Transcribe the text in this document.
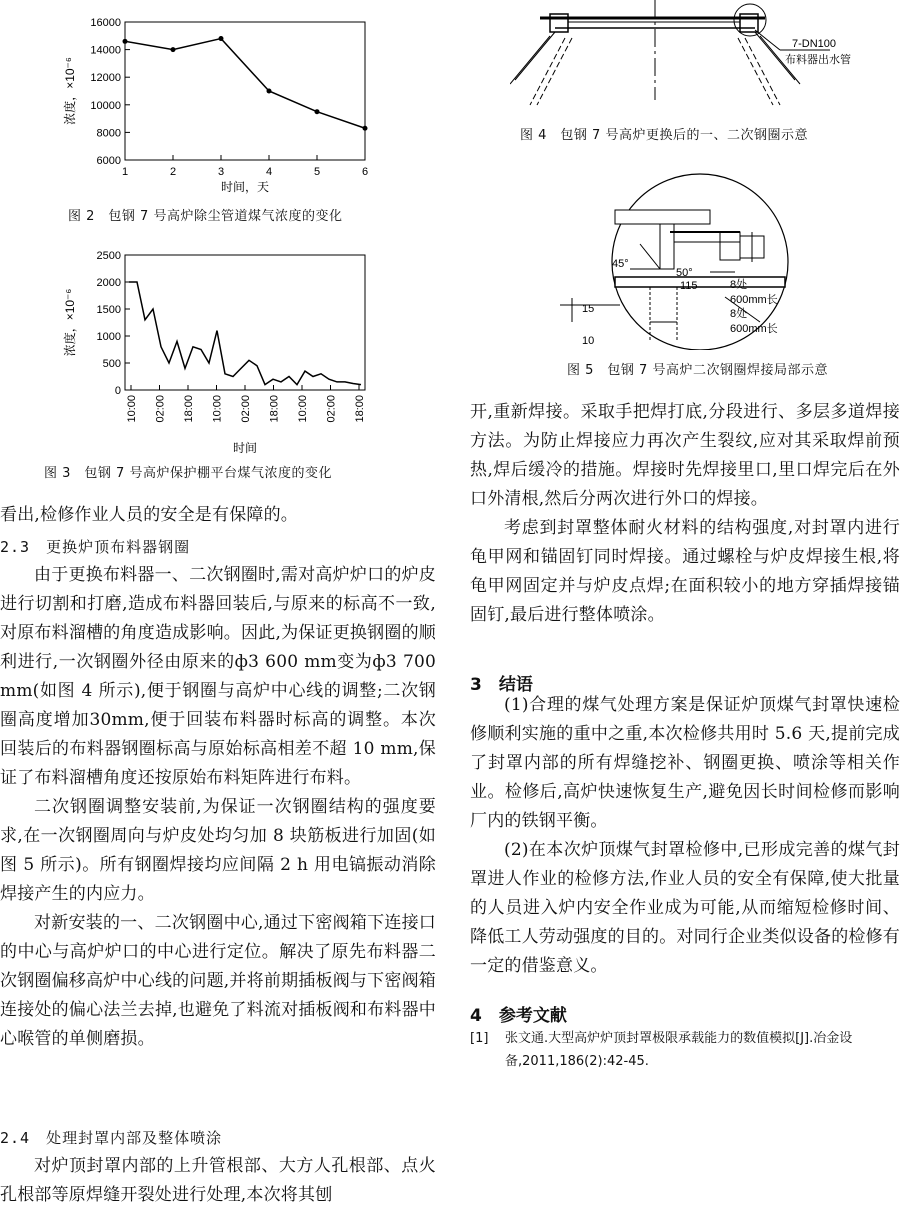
6000
8000
10000
12000
14000
16000
1	2	3	4	5	6
时间，天
浓度，×10⁻⁶
图 2　包钢 7 号高炉除尘管道煤气浓度的变化
0
500
1000
1500
2000
2500
10:00 02:00 18:00 10:00 02:00 18:00 10:00 02:00 18:00
时间
浓度，×10⁻⁶
图 3　包钢 7 号高炉保护棚平台煤气浓度的变化

看出,检修作业人员的安全是有保障的。

2.3　更换炉顶布料器钢圈

由于更换布料器一、二次钢圈时,需对高炉炉口的炉皮进行切割和打磨,造成布料器回装后,与原来的标高不一致,对原布料溜槽的角度造成影响。因此,为保证更换钢圈的顺利进行,一次钢圈外径由原来的ф3 600 mm变为ф3 700 mm(如图 4 所示),便于钢圈与高炉中心线的调整;二次钢圈高度增加30mm,便于回装布料器时标高的调整。本次回装后的布料器钢圈标高与原始标高相差不超 10 mm,保证了布料溜槽角度还按原始布料矩阵进行布料。

二次钢圈调整安装前,为保证一次钢圈结构的强度要求,在一次钢圈周向与炉皮处均匀加 8 块筋板进行加固(如图 5 所示)。所有钢圈焊接均应间隔 2 h 用电镐振动消除焊接产生的内应力。

对新安装的一、二次钢圈中心,通过下密阀箱下连接口的中心与高炉炉口的中心进行定位。解决了原先布料器二次钢圈偏移高炉中心线的问题,并将前期插板阀与下密阀箱连接处的偏心法兰去掉,也避免了料流对插板阀和布料器中心喉管的单侧磨损。

2.4　处理封罩内部及整体喷涂

对炉顶封罩内部的上升管根部、大方人孔根部、点火孔根部等原焊缝开裂处进行处理,本次将其刨

7-DN100
布料器出水管
图 4　包钢 7 号高炉更换后的一、二次钢圈示意
45°
50°
115	8处
600mm长
8处
600mm长
15
10
图 5　包钢 7 号高炉二次钢圈焊接局部示意

开,重新焊接。采取手把焊打底,分段进行、多层多道焊接方法。为防止焊接应力再次产生裂纹,应对其采取焊前预热,焊后缓冷的措施。焊接时先焊接里口,里口焊完后在外口外清根,然后分两次进行外口的焊接。

考虑到封罩整体耐火材料的结构强度,对封罩内进行龟甲网和锚固钉同时焊接。通过螺栓与炉皮焊接生根,将龟甲网固定并与炉皮点焊;在面积较小的地方穿插焊接锚固钉,最后进行整体喷涂。

3　结语

(1)合理的煤气处理方案是保证炉顶煤气封罩快速检修顺利实施的重中之重,本次检修共用时 5.6 天,提前完成了封罩内部的所有焊缝挖补、钢圈更换、喷涂等相关作业。检修后,高炉快速恢复生产,避免因长时间检修而影响厂内的铁钢平衡。

(2)在本次炉顶煤气封罩检修中,已形成完善的煤气封罩进人作业的检修方法,作业人员的安全有保障,使大批量的人员进入炉内安全作业成为可能,从而缩短检修时间、降低工人劳动强度的目的。对同行企业类似设备的检修有一定的借鉴意义。

4　参考文献
[1] 张文通.大型高炉炉顶封罩极限承载能力的数值模拟[J].冶金设备,2011,186(2):42-45.
